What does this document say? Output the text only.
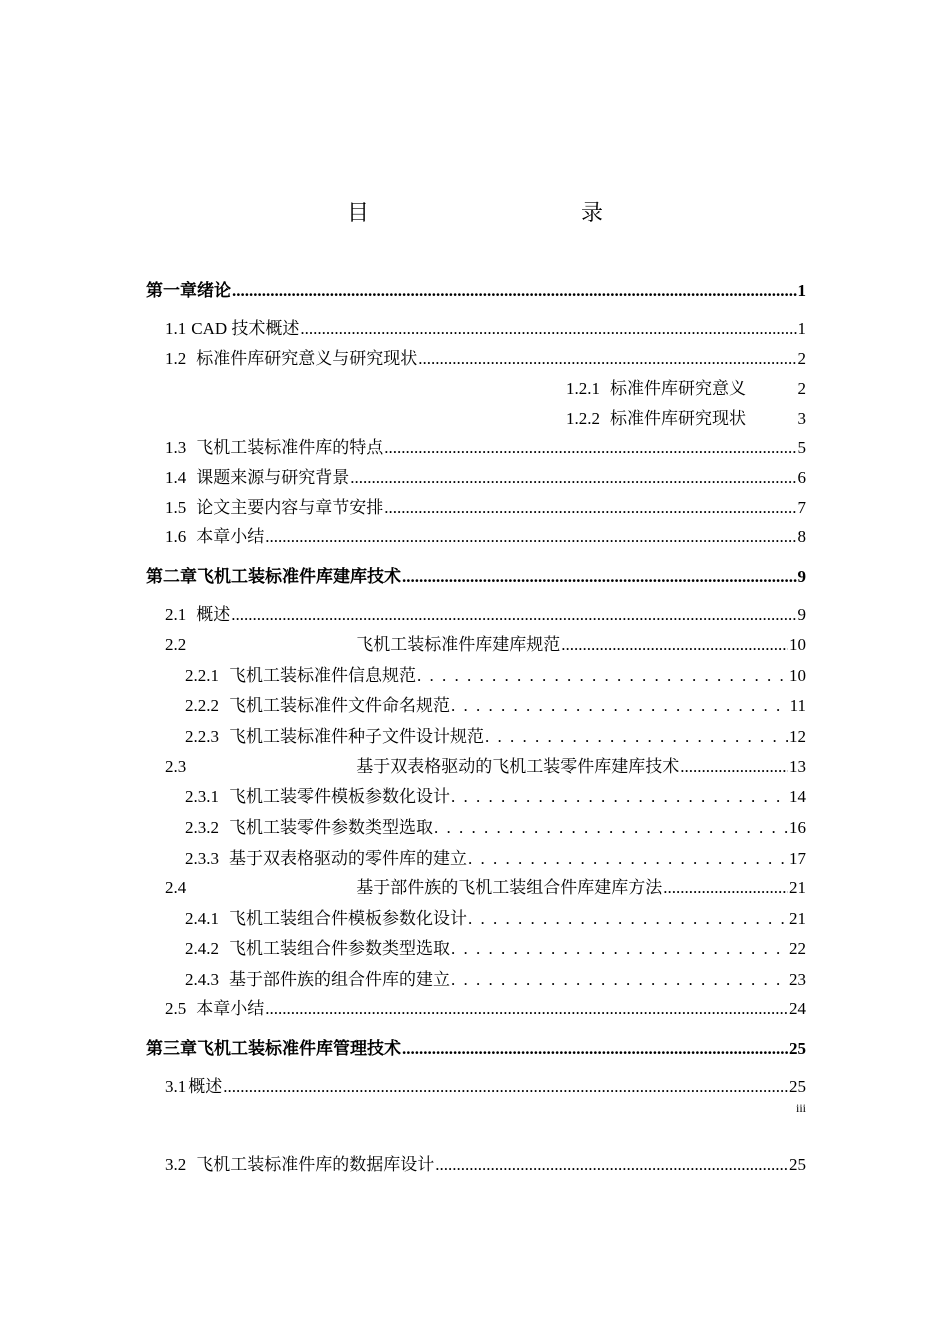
目　　录
第一章 绪论 .....	1
1.1 CAD 技术概述 .....	1
1.2 标准件库研究意义与研究现状 .....	2
1.2.1 标准件库研究意义	2
1.2.2 标准件库研究现状	3
1.3 飞机工装标准件库的特点 .....	5
1.4 课题来源与研究背景 .....	6
1.5 论文主要内容与章节安排 .....	7
1.6 本章小结 .....	8
第二章 飞机工装标准件库建库技术 .....	9
2.1 概述 .....	9
2.2	飞机工装标准件库建库规范 .....	10
2.2.1 飞机工装标准件信息规范 . . .	10
2.2.2 飞机工装标准件文件命名规范 . . .	11
2.2.3 飞机工装标准件种子文件设计规范 . . .	12
2.3	基于双表格驱动的飞机工装零件库建库技术 .....	13
2.3.1 飞机工装零件模板参数化设计 . . .	14
2.3.2 飞机工装零件参数类型选取 . . .	16
2.3.3 基于双表格驱动的零件库的建立 . . .	17
2.4	基于部件族的飞机工装组合件库建库方法 .....	21
2.4.1 飞机工装组合件模板参数化设计 . . .	21
2.4.2 飞机工装组合件参数类型选取 . . .	22
2.4.3 基于部件族的组合件库的建立 . . .	23
2.5 本章小结 .....	24
第三章 飞机工装标准件库管理技术 .....	25
3.1 概述 .....	25
iii
3.2 飞机工装标准件库的数据库设计 .....	25
